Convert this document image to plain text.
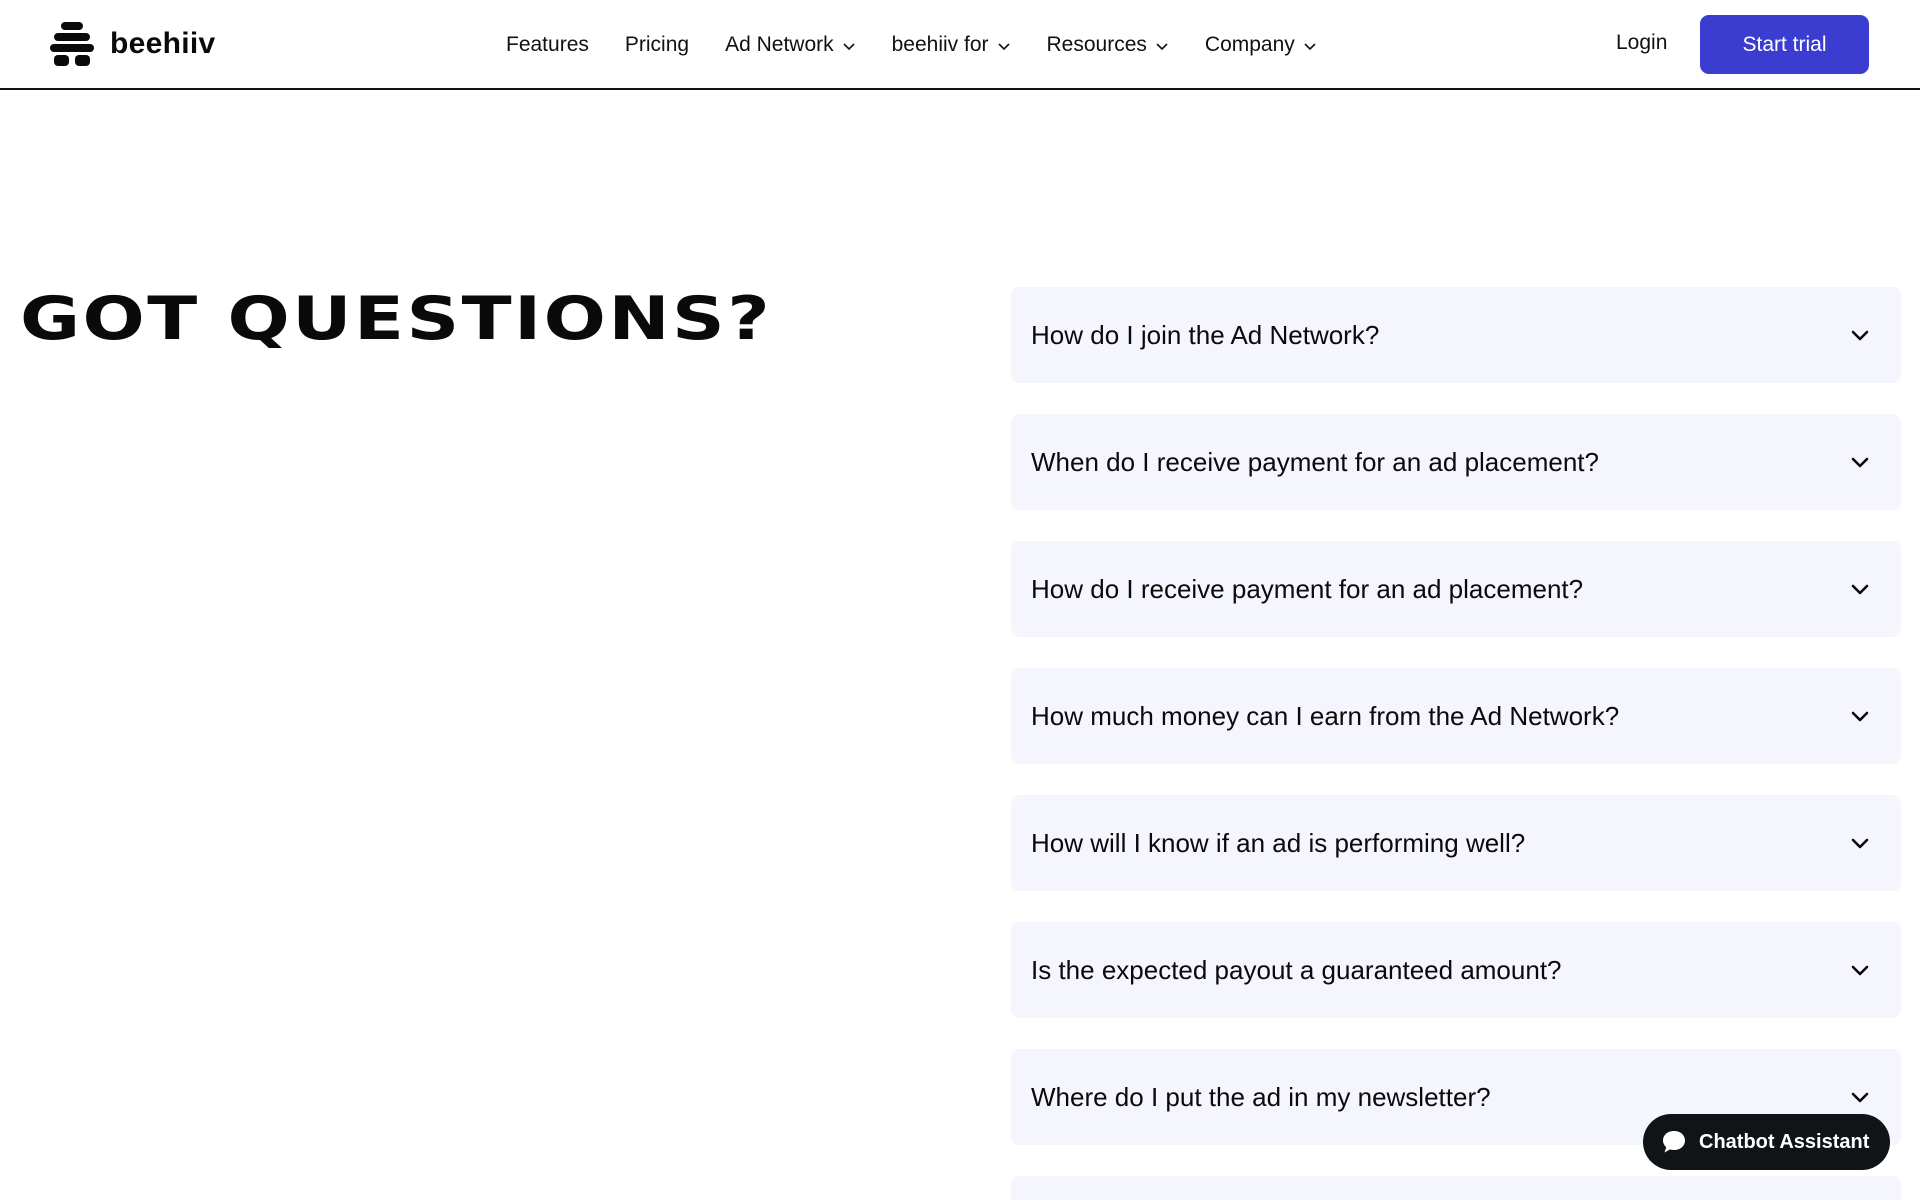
beehiiv	Features Pricing Ad Network	beehiiv for	Resources	Company	Login	Start trial
GOT QUESTIONS?	How do I join the Ad Network?
When do I receive payment for an ad placement?
How do I receive payment for an ad placement?
How much money can I earn from the Ad Network?
How will I know if an ad is performing well?
Is the expected payout a guaranteed amount?
Where do I put the ad in my newsletter?
Chatbot Assistant
